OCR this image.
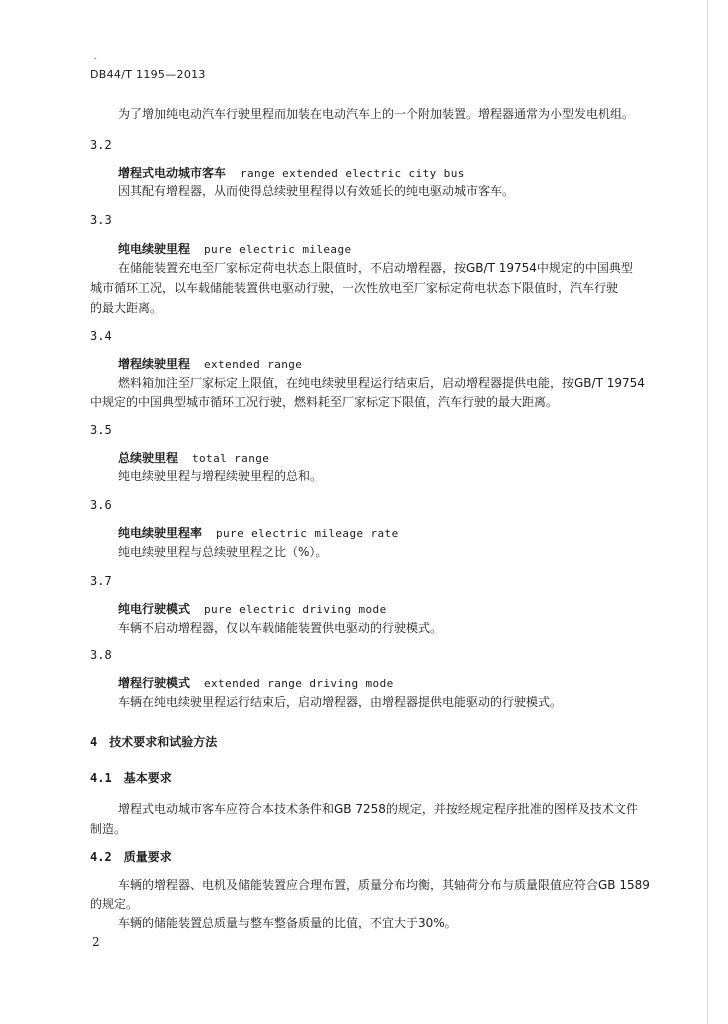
·
DB44/T 1195—2013
为了增加纯电动汽车行驶里程而加装在电动汽车上的一个附加装置。增程器通常为小型发电机组。
3.2
增程式电动城市客车 range extended electric city bus
因其配有增程器，从而使得总续驶里程得以有效延长的纯电驱动城市客车。
3.3
纯电续驶里程 pure electric mileage
在储能装置充电至厂家标定荷电状态上限值时，不启动增程器，按GB/T 19754中规定的中国典型
城市循环工况，以车载储能装置供电驱动行驶，一次性放电至厂家标定荷电状态下限值时，汽车行驶
的最大距离。
3.4
增程续驶里程 extended range
燃料箱加注至厂家标定上限值，在纯电续驶里程运行结束后，启动增程器提供电能，按GB/T 19754
中规定的中国典型城市循环工况行驶，燃料耗至厂家标定下限值，汽车行驶的最大距离。
3.5
总续驶里程 total range
纯电续驶里程与增程续驶里程的总和。
3.6
纯电续驶里程率 pure electric mileage rate
纯电续驶里程与总续驶里程之比（%）。
3.7
纯电行驶模式 pure electric driving mode
车辆不启动增程器，仅以车载储能装置供电驱动的行驶模式。
3.8
增程行驶模式 extended range driving mode
车辆在纯电续驶里程运行结束后，启动增程器，由增程器提供电能驱动的行驶模式。
4 技术要求和试验方法
4.1 基本要求
增程式电动城市客车应符合本技术条件和GB 7258的规定，并按经规定程序批准的图样及技术文件
制造。
4.2 质量要求
车辆的增程器、电机及储能装置应合理布置，质量分布均衡，其轴荷分布与质量限值应符合GB 1589
的规定。
车辆的储能装置总质量与整车整备质量的比值，不宜大于30%。
2
